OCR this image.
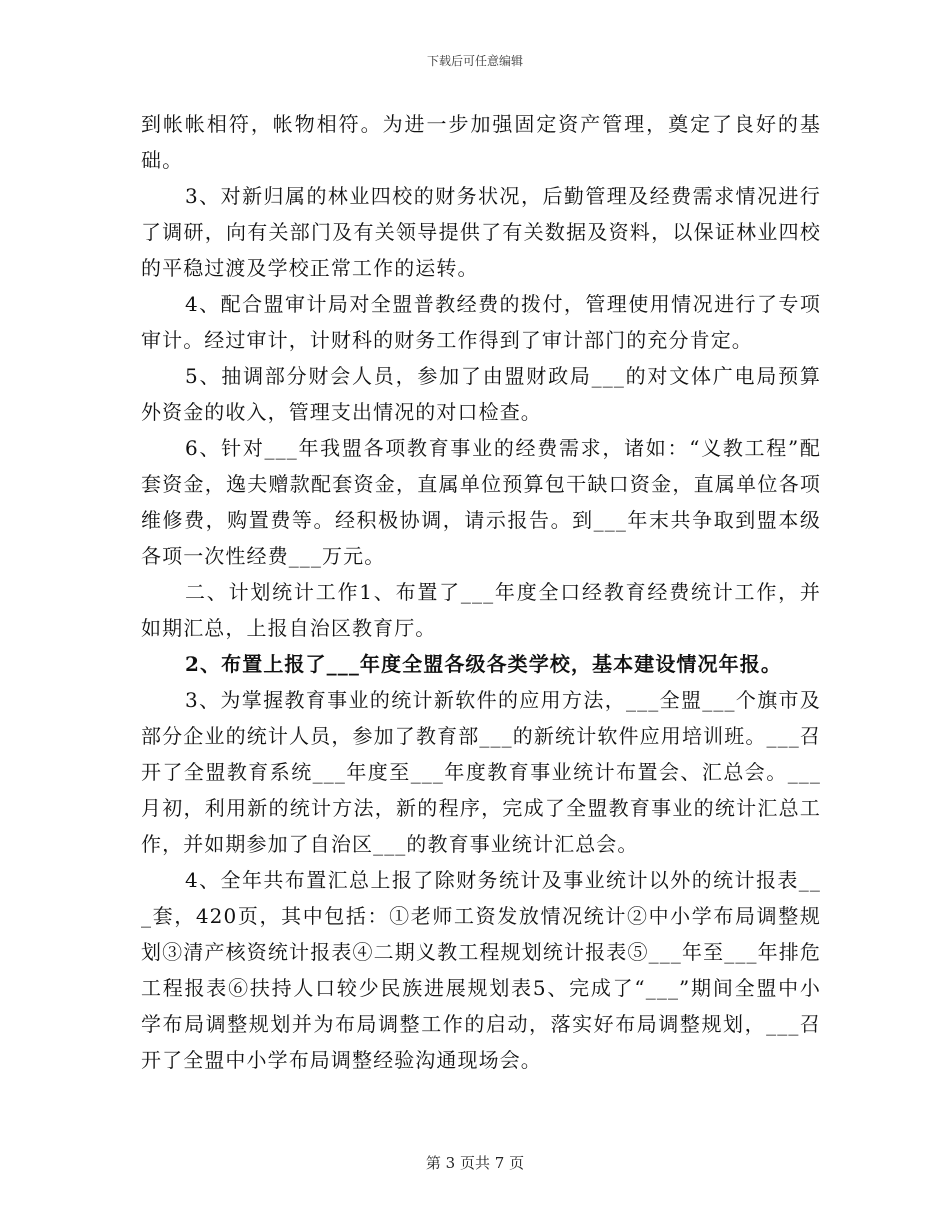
下载后可任意编辑

到帐帐相符，帐物相符。为进一步加强固定资产管理，奠定了良好的基础。

3、对新归属的林业四校的财务状况，后勤管理及经费需求情况进行了调研，向有关部门及有关领导提供了有关数据及资料，以保证林业四校的平稳过渡及学校正常工作的运转。

4、配合盟审计局对全盟普教经费的拨付，管理使用情况进行了专项审计。经过审计，计财科的财务工作得到了审计部门的充分肯定。

5、抽调部分财会人员，参加了由盟财政局___的对文体广电局预算外资金的收入，管理支出情况的对口检查。

6、针对___年我盟各项教育事业的经费需求，诸如：“义教工程”配套资金，逸夫赠款配套资金，直属单位预算包干缺口资金，直属单位各项维修费，购置费等。经积极协调，请示报告。到___年末共争取到盟本级各项一次性经费___万元。

二、计划统计工作1、布置了___年度全口经教育经费统计工作，并如期汇总，上报自治区教育厅。

2、布置上报了___年度全盟各级各类学校，基本建设情况年报。

3、为掌握教育事业的统计新软件的应用方法，___全盟___个旗市及部分企业的统计人员，参加了教育部___的新统计软件应用培训班。___召开了全盟教育系统___年度至___年度教育事业统计布置会、汇总会。___月初，利用新的统计方法，新的程序，完成了全盟教育事业的统计汇总工作，并如期参加了自治区___的教育事业统计汇总会。

4、全年共布置汇总上报了除财务统计及事业统计以外的统计报表___套，420页，其中包括：①老师工资发放情况统计②中小学布局调整规划③清产核资统计报表④二期义教工程规划统计报表⑤___年至___年排危工程报表⑥扶持人口较少民族进展规划表5、完成了“___”期间全盟中小学布局调整规划并为布局调整工作的启动，落实好布局调整规划，___召开了全盟中小学布局调整经验沟通现场会。

第 3 页共 7 页
